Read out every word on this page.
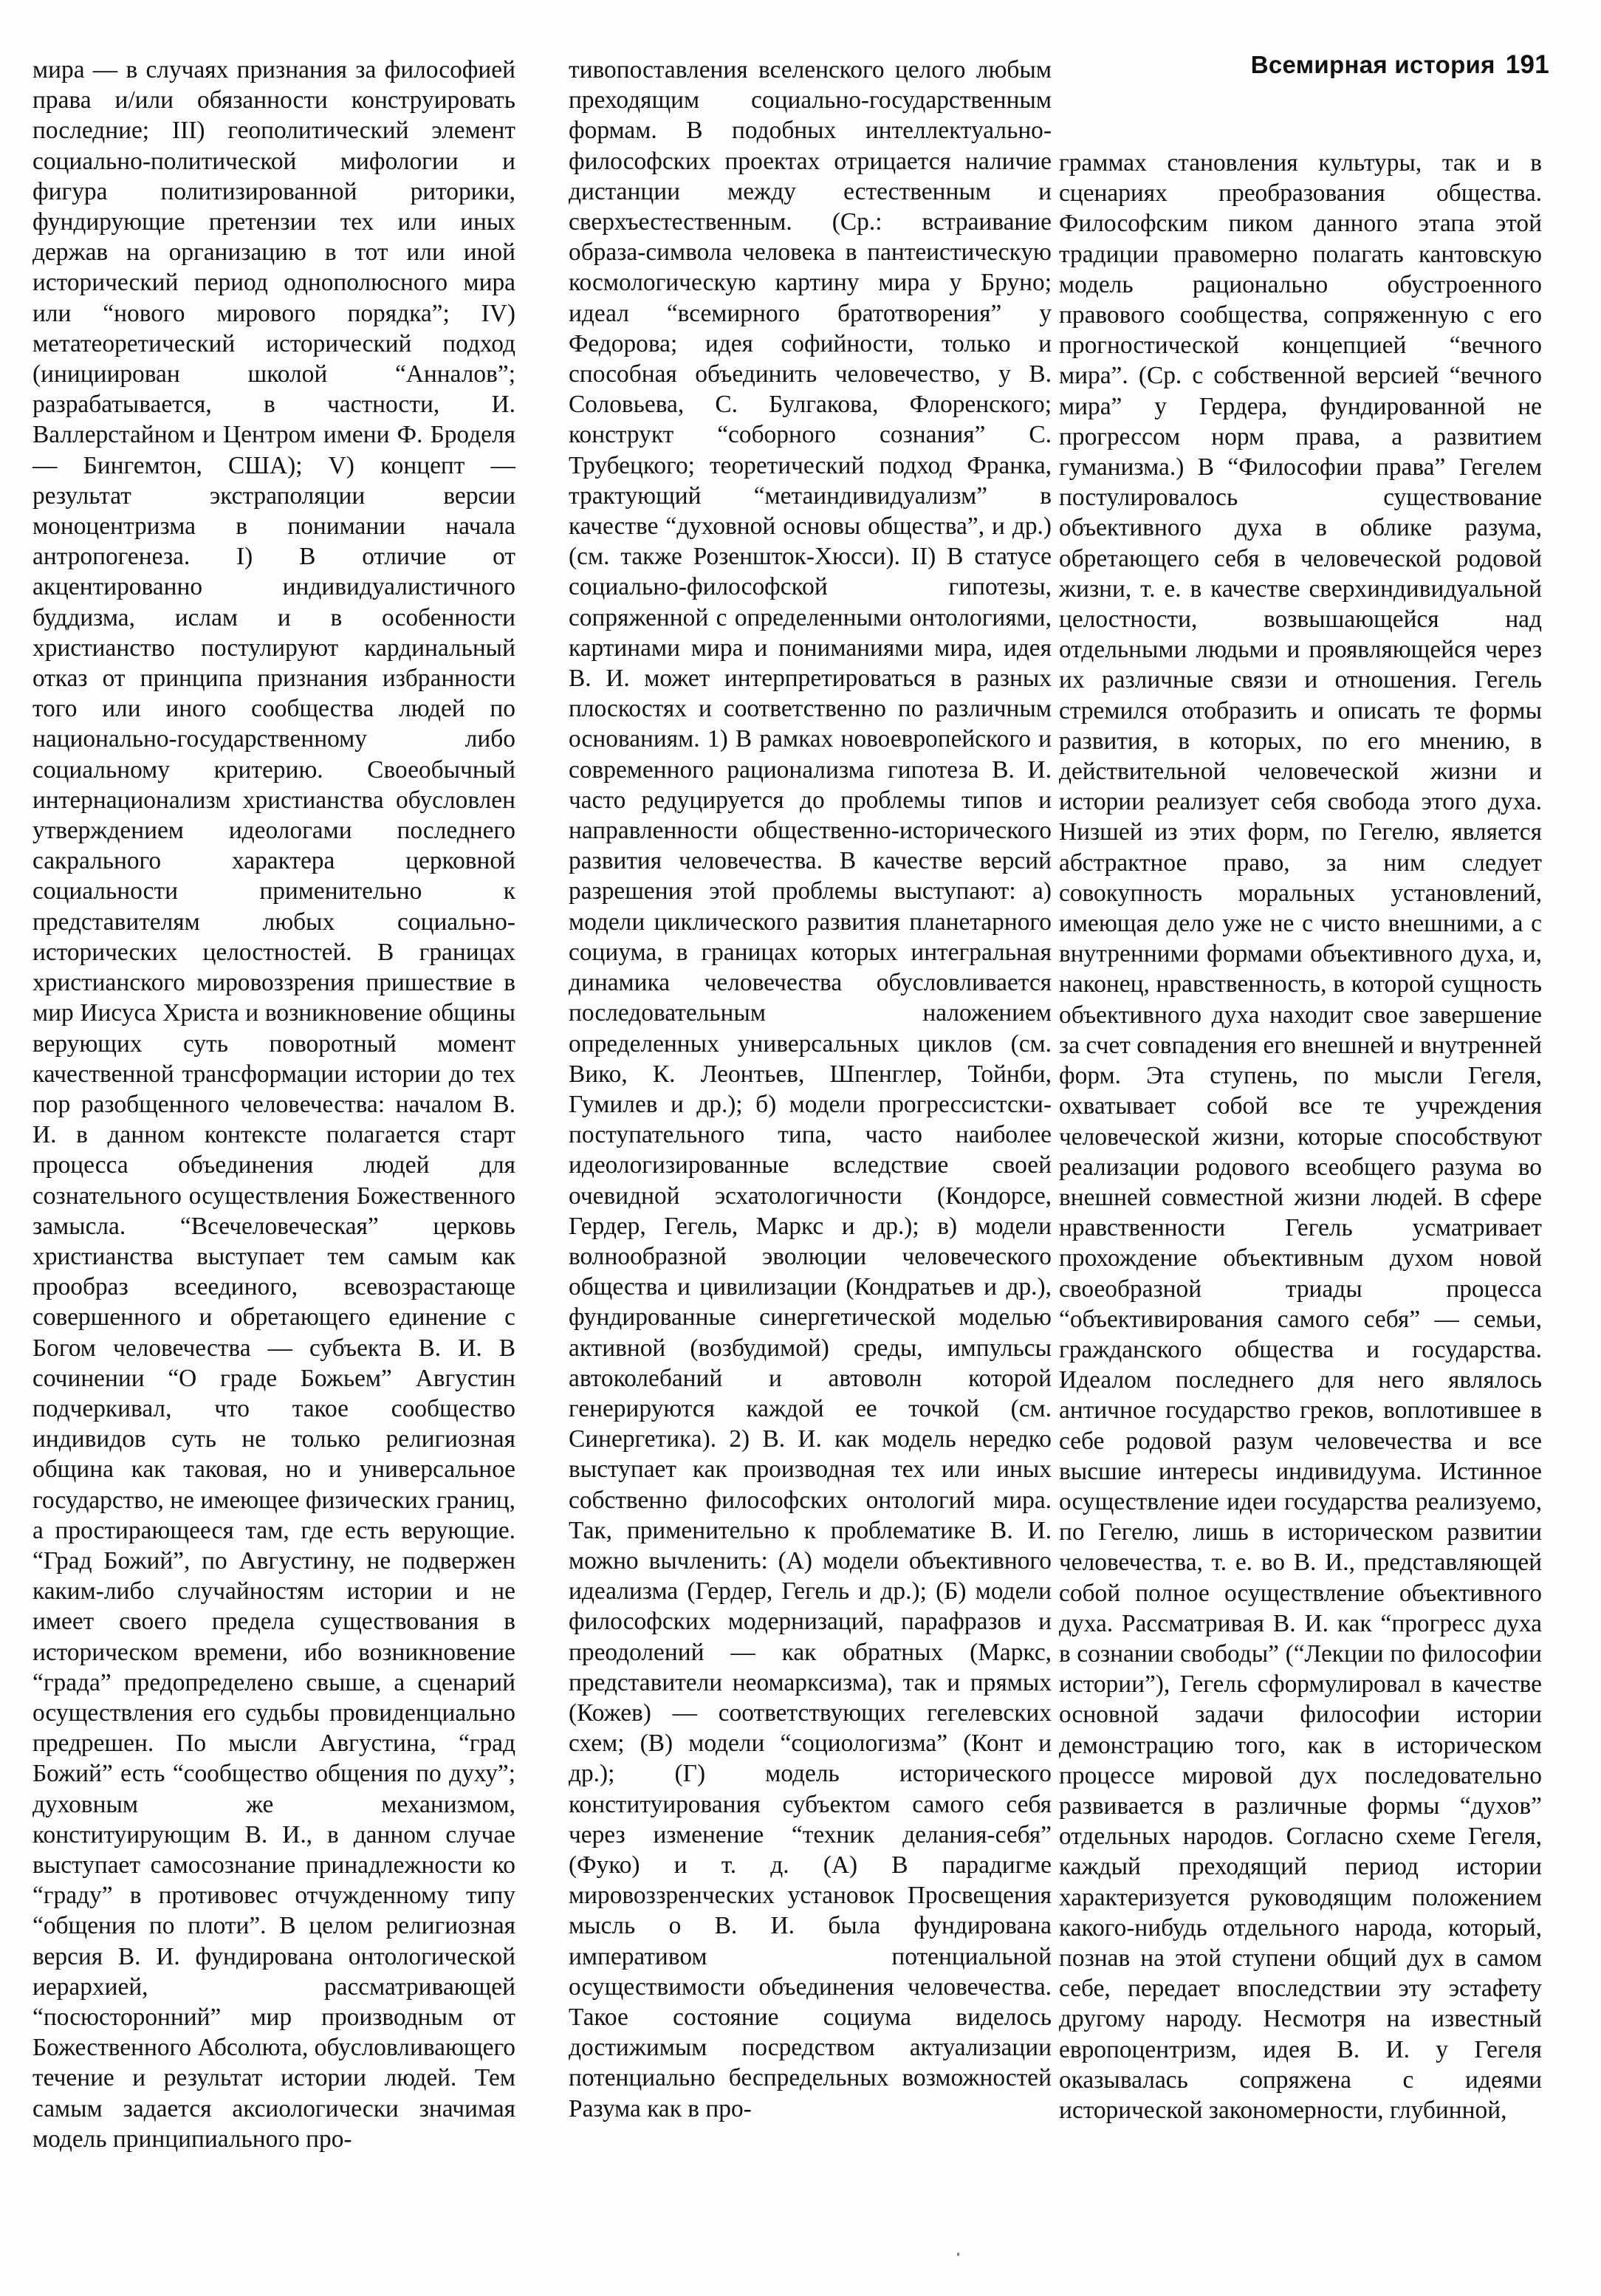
Всемирная история 191

мира — в случаях признания за философией права и/или обязанности конструировать последние; III) геополитический элемент социально-политической мифологии и фигура политизированной риторики, фундирующие претензии тех или иных держав на организацию в тот или иной исторический период однополюсного мира или “нового мирового порядка”; IV) метатеоретический исторический подход (инициирован школой “Анналов”; разрабатывается, в частности, И. Валлерстайном и Центром имени Ф. Броделя — Бингемтон, США); V) концепт — результат экстраполяции версии моноцентризма в понимании начала антропогенеза. I) В отличие от акцентированно индивидуалистичного буддизма, ислам и в особенности христианство постулируют кардинальный отказ от принципа признания избранности того или иного сообщества людей по национально-государственному либо социальному критерию. Своеобычный интернационализм христианства обусловлен утверждением идеологами последнего сакрального характера церковной социальности применительно к представителям любых социально-исторических целостностей. В границах христианского мировоззрения пришествие в мир Иисуса Христа и возникновение общины верующих суть поворотный момент качественной трансформации истории до тех пор разобщенного человечества: началом В. И. в данном контексте полагается старт процесса объединения людей для сознательного осуществления Божественного замысла. “Всечеловеческая” церковь христианства выступает тем самым как прообраз всеединого, всевозрастающе совершенного и обретающего единение с Богом человечества — субъекта В. И. В сочинении “О граде Божьем” Августин подчеркивал, что такое сообщество индивидов суть не только религиозная община как таковая, но и универсальное государство, не имеющее физических границ, а простирающееся там, где есть верующие. “Град Божий”, по Августину, не подвержен каким-либо случайностям истории и не имеет своего предела существования в историческом времени, ибо возникновение “града” предопределено свыше, а сценарий осуществления его судьбы провиденциально предрешен. По мысли Августина, “град Божий” есть “сообщество общения по духу”; духовным же механизмом, конституирующим В. И., в данном случае выступает самосознание принадлежности ко “граду” в противовес отчужденному типу “общения по плоти”. В целом религиозная версия В. И. фундирована онтологической иерархией, рассматривающей “посюсторонний” мир производным от Божественного Абсолюта, обусловливающего течение и результат истории людей. Тем самым задается аксиологически значимая модель принципиального про-

тивопоставления вселенского целого любым преходящим социально-государственным формам. В подобных интеллектуально-философских проектах отрицается наличие дистанции между естественным и сверхъестественным. (Ср.: встраивание образа-символа человека в пантеистическую космологическую картину мира у Бруно; идеал “всемирного братотворения” у Федорова; идея софийности, только и способная объединить человечество, у В. Соловьева, С. Булгакова, Флоренского; конструкт “соборного сознания” С. Трубецкого; теоретический подход Франка, трактующий “метаиндивидуализм” в качестве “духовной основы общества”, и др.) (см. также Розеншток-Хюсси). II) В статусе социально-философской гипотезы, сопряженной с определенными онтологиями, картинами мира и пониманиями мира, идея В. И. может интерпретироваться в разных плоскостях и соответственно по различным основаниям. 1) В рамках новоевропейского и современного рационализма гипотеза В. И. часто редуцируется до проблемы типов и направленности общественно-исторического развития человечества. В качестве версий разрешения этой проблемы выступают: а) модели циклического развития планетарного социума, в границах которых интегральная динамика человечества обусловливается последовательным наложением определенных универсальных циклов (см. Вико, К. Леонтьев, Шпенглер, Тойнби, Гумилев и др.); б) модели прогрессистски-поступательного типа, часто наиболее идеологизированные вследствие своей очевидной эсхатологичности (Кондорсе, Гердер, Гегель, Маркс и др.); в) модели волнообразной эволюции человеческого общества и цивилизации (Кондратьев и др.), фундированные синергетической моделью активной (возбудимой) среды, импульсы автоколебаний и автоволн которой генерируются каждой ее точкой (см. Синергетика). 2) В. И. как модель нередко выступает как производная тех или иных собственно философских онтологий мира. Так, применительно к проблематике В. И. можно вычленить: (А) модели объективного идеализма (Гердер, Гегель и др.); (Б) модели философских модернизаций, парафразов и преодолений — как обратных (Маркс, представители неомарксизма), так и прямых (Кожев) — соответствующих гегелевских схем; (В) модели “социологизма” (Конт и др.); (Г) модель исторического конституирования субъектом самого себя через изменение “техник делания-себя” (Фуко) и т. д. (А) В парадигме мировоззренческих установок Просвещения мысль о В. И. была фундирована императивом потенциальной осуществимости объединения человечества. Такое состояние социума виделось достижимым посредством актуализации потенциально беспредельных возможностей Разума как в про-

граммах становления культуры, так и в сценариях преобразования общества. Философским пиком данного этапа этой традиции правомерно полагать кантовскую модель рационально обустроенного правового сообщества, сопряженную с его прогностической концепцией “вечного мира”. (Ср. с собственной версией “вечного мира” у Гердера, фундированной не прогрессом норм права, а развитием гуманизма.) В “Философии права” Гегелем постулировалось существование объективного духа в облике разума, обретающего себя в человеческой родовой жизни, т. е. в качестве сверхиндивидуальной целостности, возвышающейся над отдельными людьми и проявляющейся через их различные связи и отношения. Гегель стремился отобразить и описать те формы развития, в которых, по его мнению, в действительной человеческой жизни и истории реализует себя свобода этого духа. Низшей из этих форм, по Гегелю, является абстрактное право, за ним следует совокупность моральных установлений, имеющая дело уже не с чисто внешними, а с внутренними формами объективного духа, и, наконец, нравственность, в которой сущность объективного духа находит свое завершение за счет совпадения его внешней и внутренней форм. Эта ступень, по мысли Гегеля, охватывает собой все те учреждения человеческой жизни, которые способствуют реализации родового всеобщего разума во внешней совместной жизни людей. В сфере нравственности Гегель усматривает прохождение объективным духом новой своеобразной триады процесса “объективирования самого себя” — семьи, гражданского общества и государства. Идеалом последнего для него являлось античное государство греков, воплотившее в себе родовой разум человечества и все высшие интересы индивидуума. Истинное осуществление идеи государства реализуемо, по Гегелю, лишь в историческом развитии человечества, т. е. во В. И., представляющей собой полное осуществление объективного духа. Рассматривая В. И. как “прогресс духа в сознании свободы” (“Лекции по философии истории”), Гегель сформулировал в качестве основной задачи философии истории демонстрацию того, как в историческом процессе мировой дух последовательно развивается в различные формы “духов” отдельных народов. Согласно схеме Гегеля, каждый преходящий период истории характеризуется руководящим положением какого-нибудь отдельного народа, который, познав на этой ступени общий дух в самом себе, передает впоследствии эту эстафету другому народу. Несмотря на известный европоцентризм, идея В. И. у Гегеля оказывалась сопряжена с идеями исторической закономерности, глубинной,
